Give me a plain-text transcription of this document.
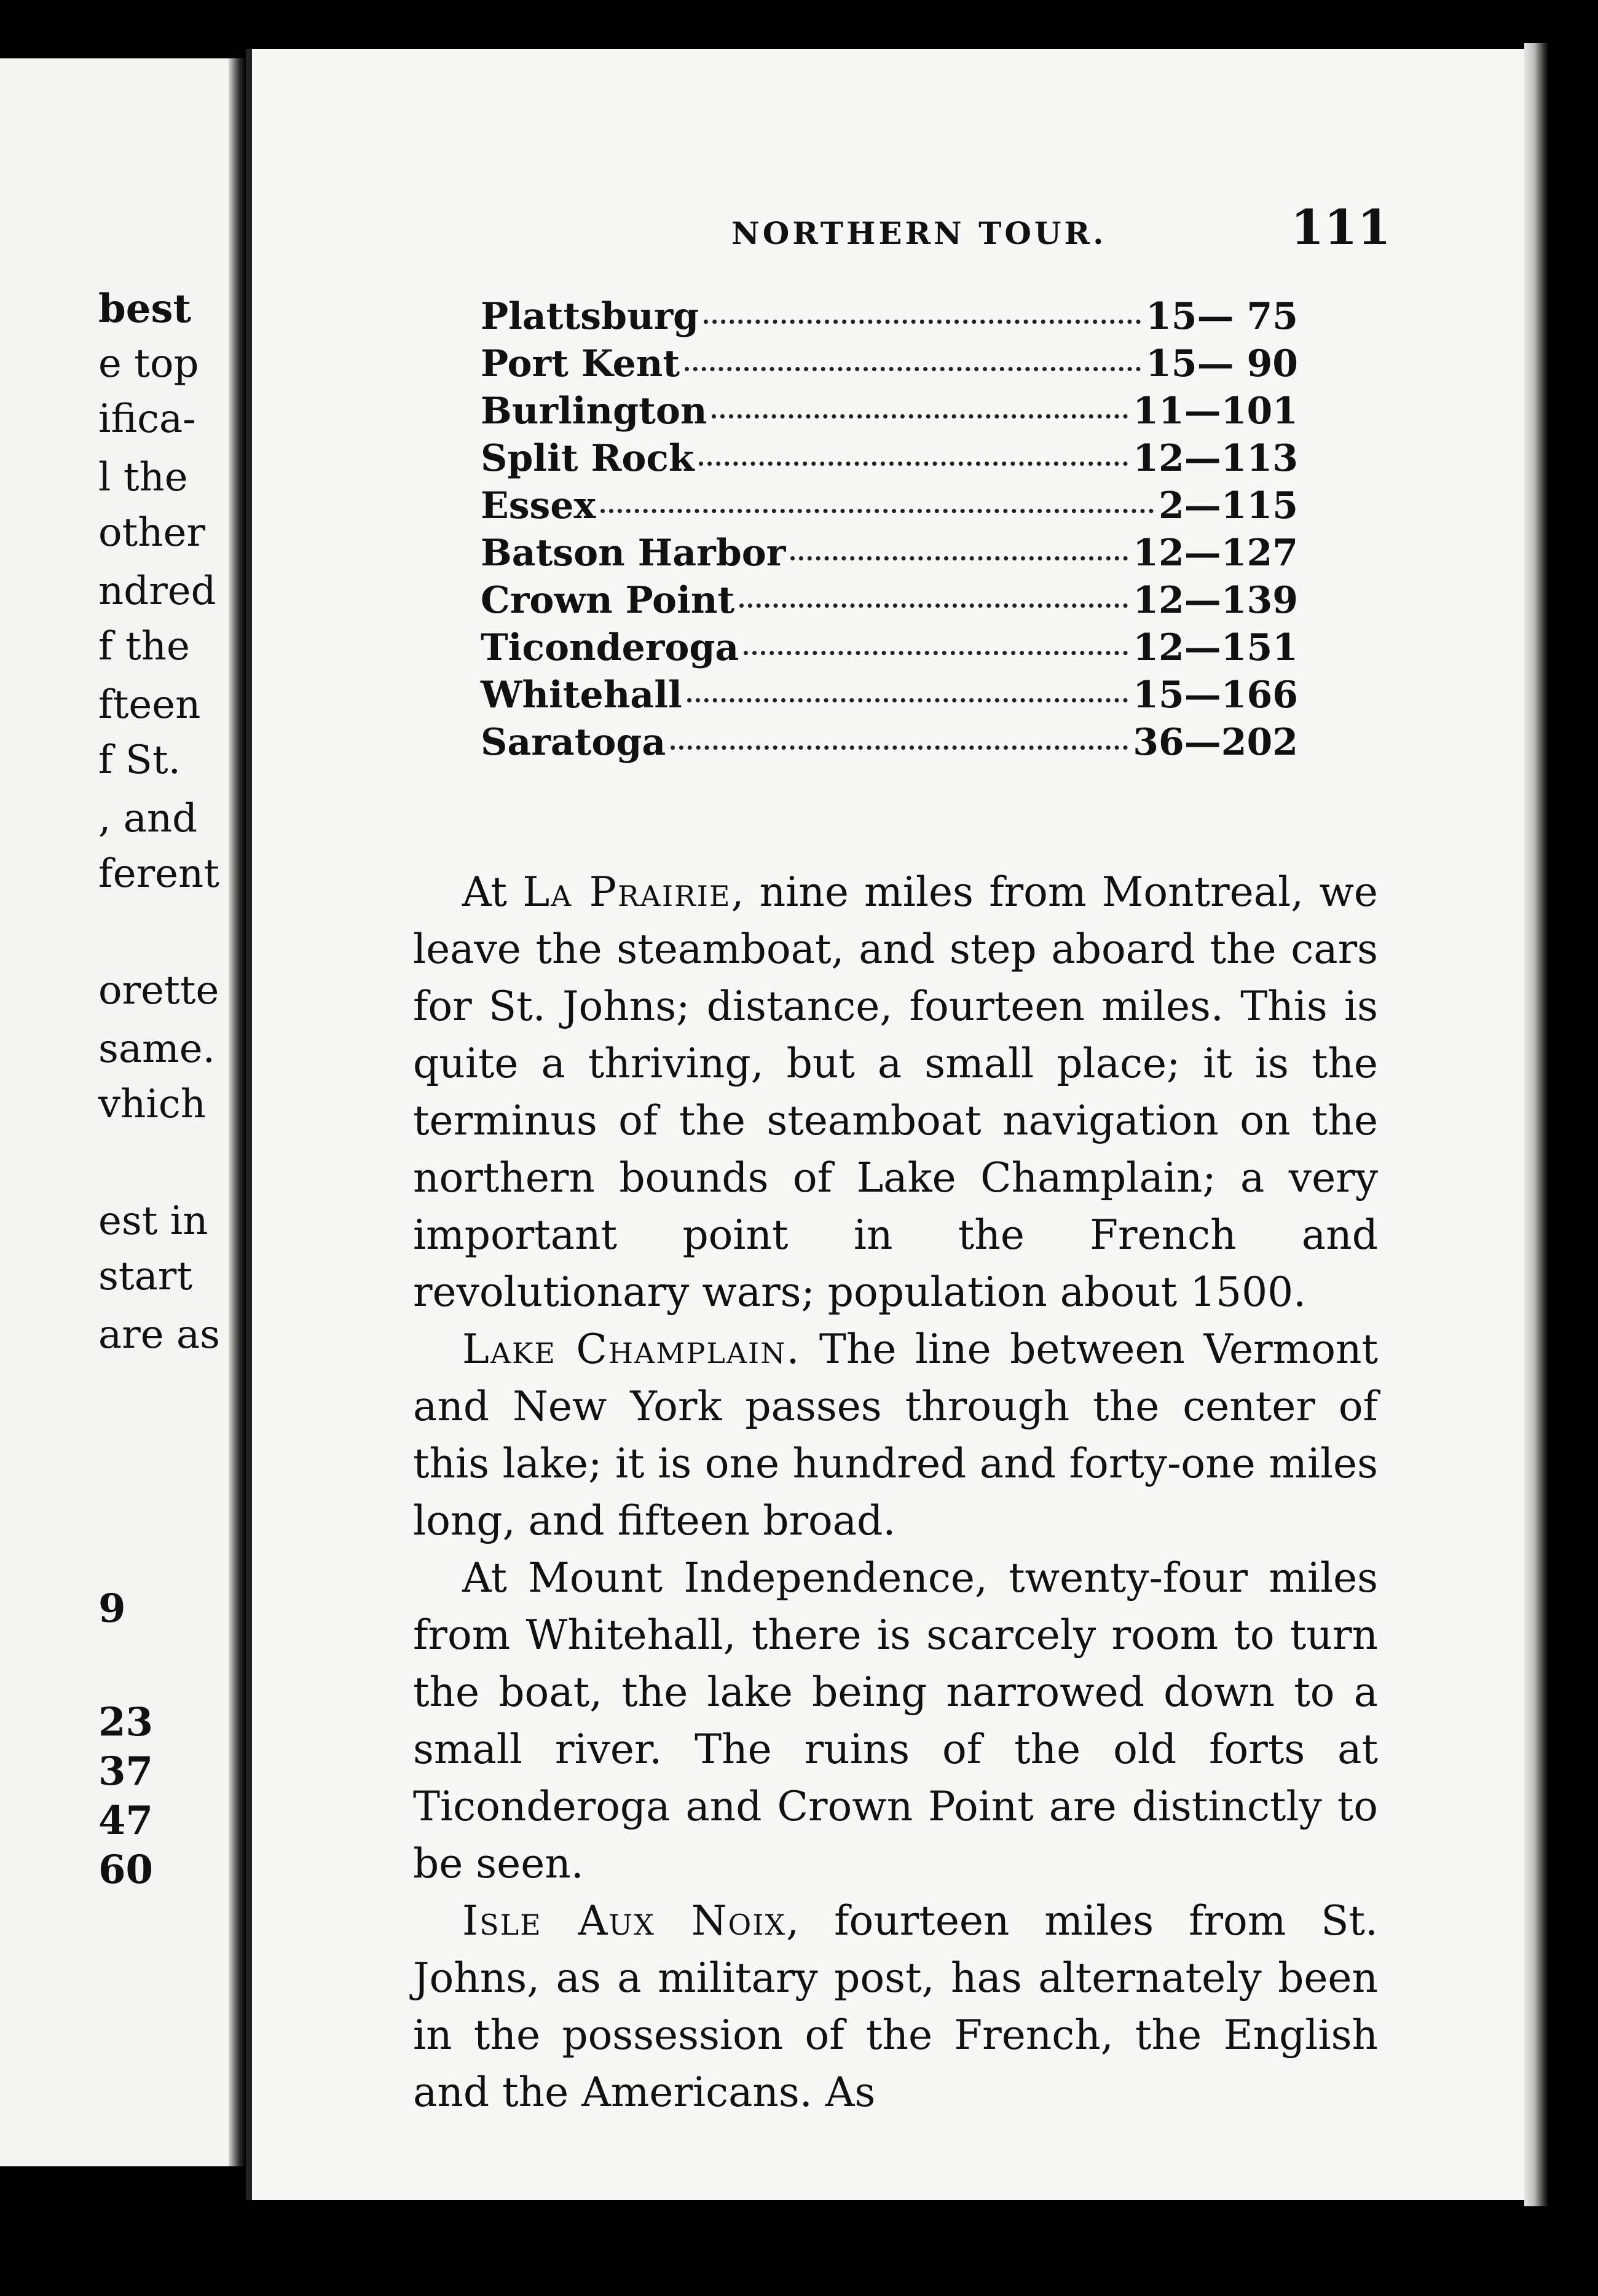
best
e top
ifica-
l the
other
ndred
f the
fteen
f St.
, and
ferent
orette
same.
vhich
est in
start
are as
9
23
37
47
60
NORTHERN TOUR.	111
Plattsburg	15— 75
Port Kent	15— 90
Burlington	11—101
Split Rock	12—113
Essex	2—115
Batson Harbor	12—127
Crown Point	12—139
Ticonderoga	12—151
Whitehall	15—166
Saratoga	36—202

At La Prairie, nine miles from Montreal, we leave the steamboat, and step aboard the cars for St. Johns; distance, fourteen miles. This is quite a thriving, but a small place; it is the terminus of the steamboat navigation on the northern bounds of Lake Champlain; a very important point in the French and revolutionary wars; population about 1500.

Lake Champlain. The line between Vermont and New York passes through the center of this lake; it is one hundred and forty-one miles long, and fifteen broad.

At Mount Independence, twenty-four miles from Whitehall, there is scarcely room to turn the boat, the lake being narrowed down to a small river. The ruins of the old forts at Ticonderoga and Crown Point are distinctly to be seen.

Isle Aux Noix, fourteen miles from St. Johns, as a military post, has alternately been in the possession of the French, the English and the Americans. As
